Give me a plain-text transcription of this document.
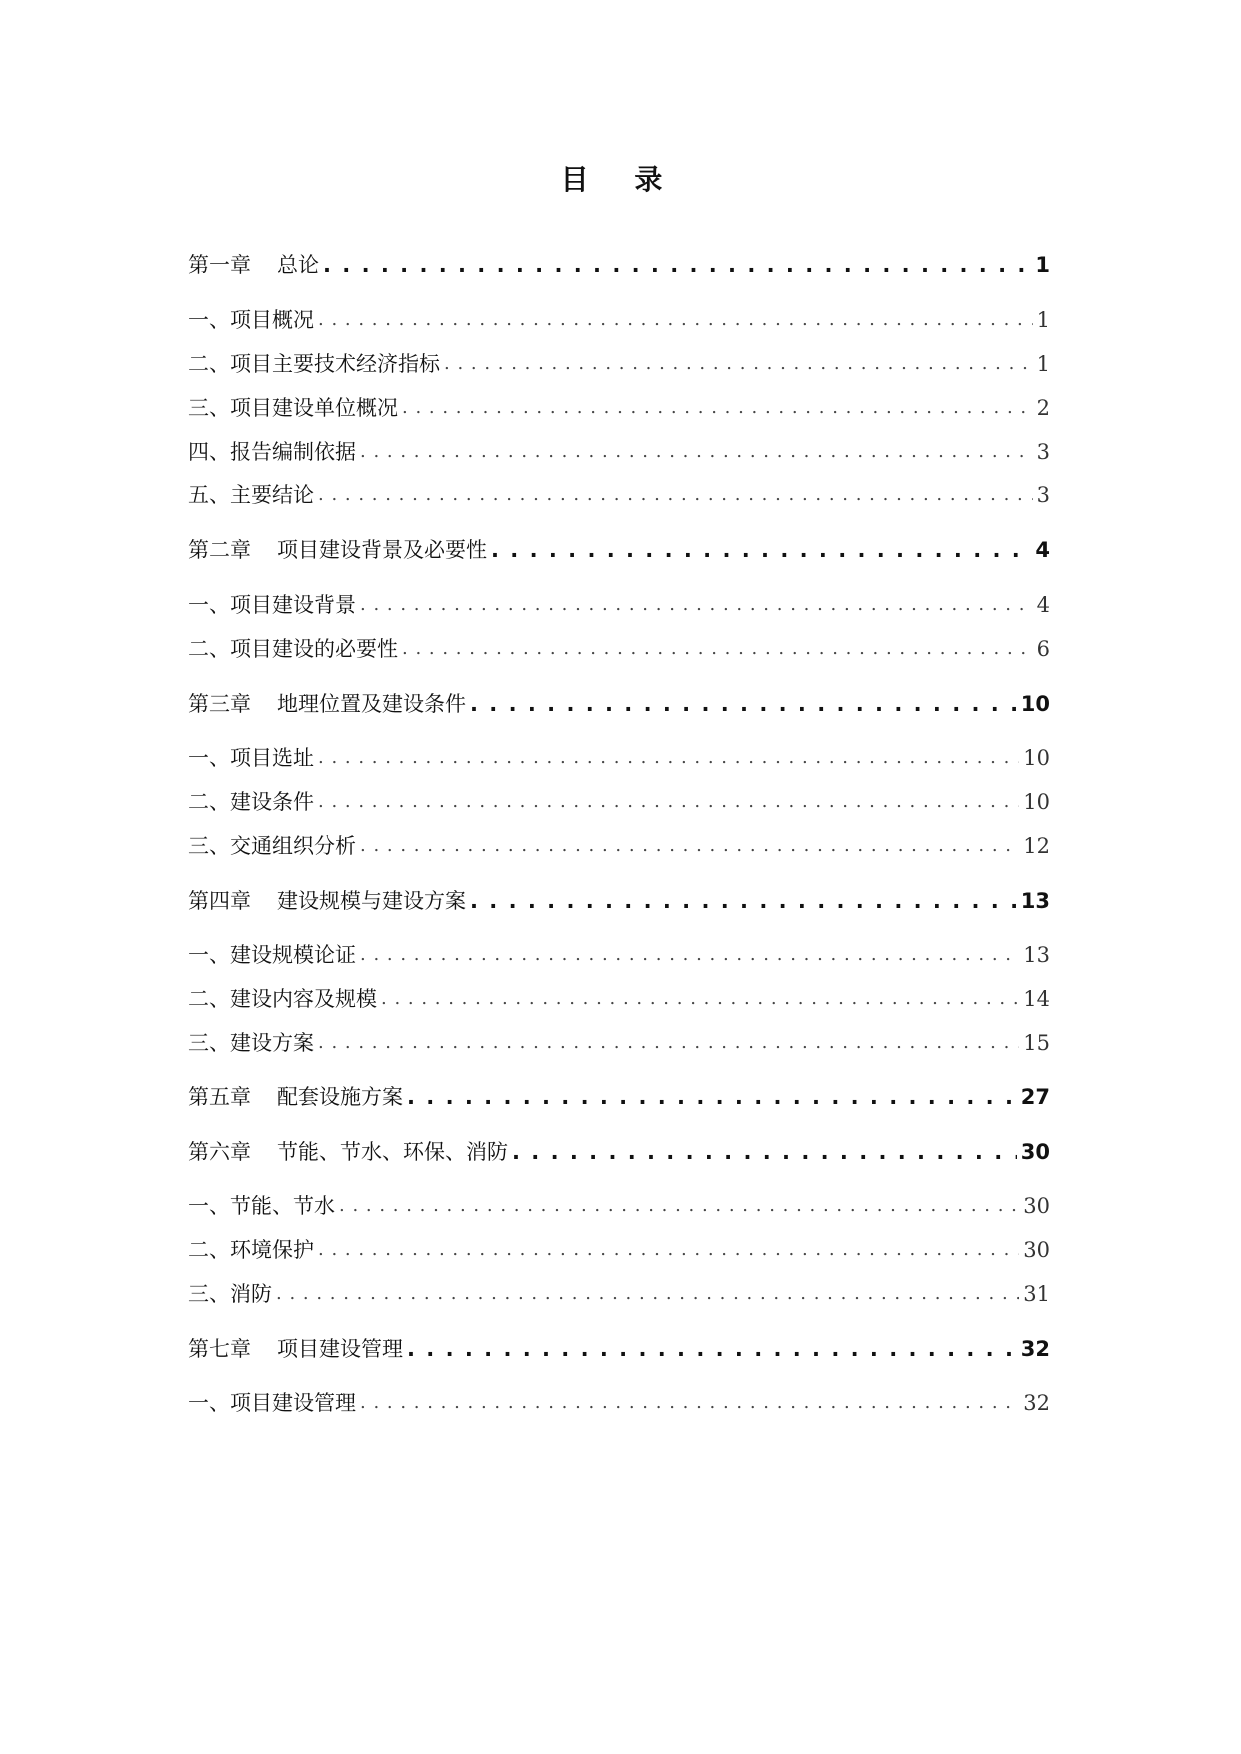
目 录
第一章 总论 . . .	1
一、项目概况 . . .	1
二、项目主要技术经济指标 . . .	1
三、项目建设单位概况 . . .	2
四、报告编制依据 . . .	3
五、主要结论 . . .	3
第二章 项目建设背景及必要性 . . .	4
一、项目建设背景 . . .	4
二、项目建设的必要性 . . .	6
第三章 地理位置及建设条件 . . .	10
一、项目选址 . . .	10
二、建设条件 . . .	10
三、交通组织分析 . . .	12
第四章 建设规模与建设方案 . . .	13
一、建设规模论证 . . .	13
二、建设内容及规模 . . .	14
三、建设方案 . . .	15
第五章 配套设施方案 . . .	27
第六章 节能、节水、环保、消防 . . .	30
一、节能、节水 . . .	30
二、环境保护 . . .	30
三、消防 . . .	31
第七章 项目建设管理 . . .	32
一、项目建设管理 . . .	32
